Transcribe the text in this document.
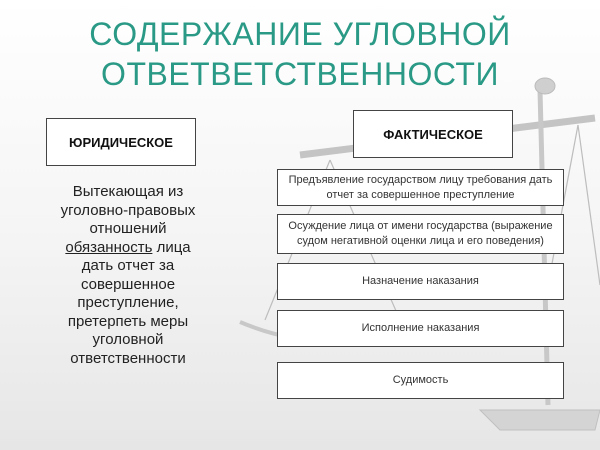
СОДЕРЖАНИЕ УГЛОВНОЙ
ОТВЕТВЕТСТВЕННОСТИ
ЮРИДИЧЕСКОЕ
Вытекающая из уголовно-правовых отношений обязанность лица дать отчет за совершенное преступление, претерпеть меры уголовной ответственности
ФАКТИЧЕСКОЕ
Предъявление государством лицу требования дать отчет за совершенное преступление
Осуждение лица от имени государства (выражение судом негативной оценки лица и его поведения)
Назначение наказания
Исполнение наказания
Судимость
